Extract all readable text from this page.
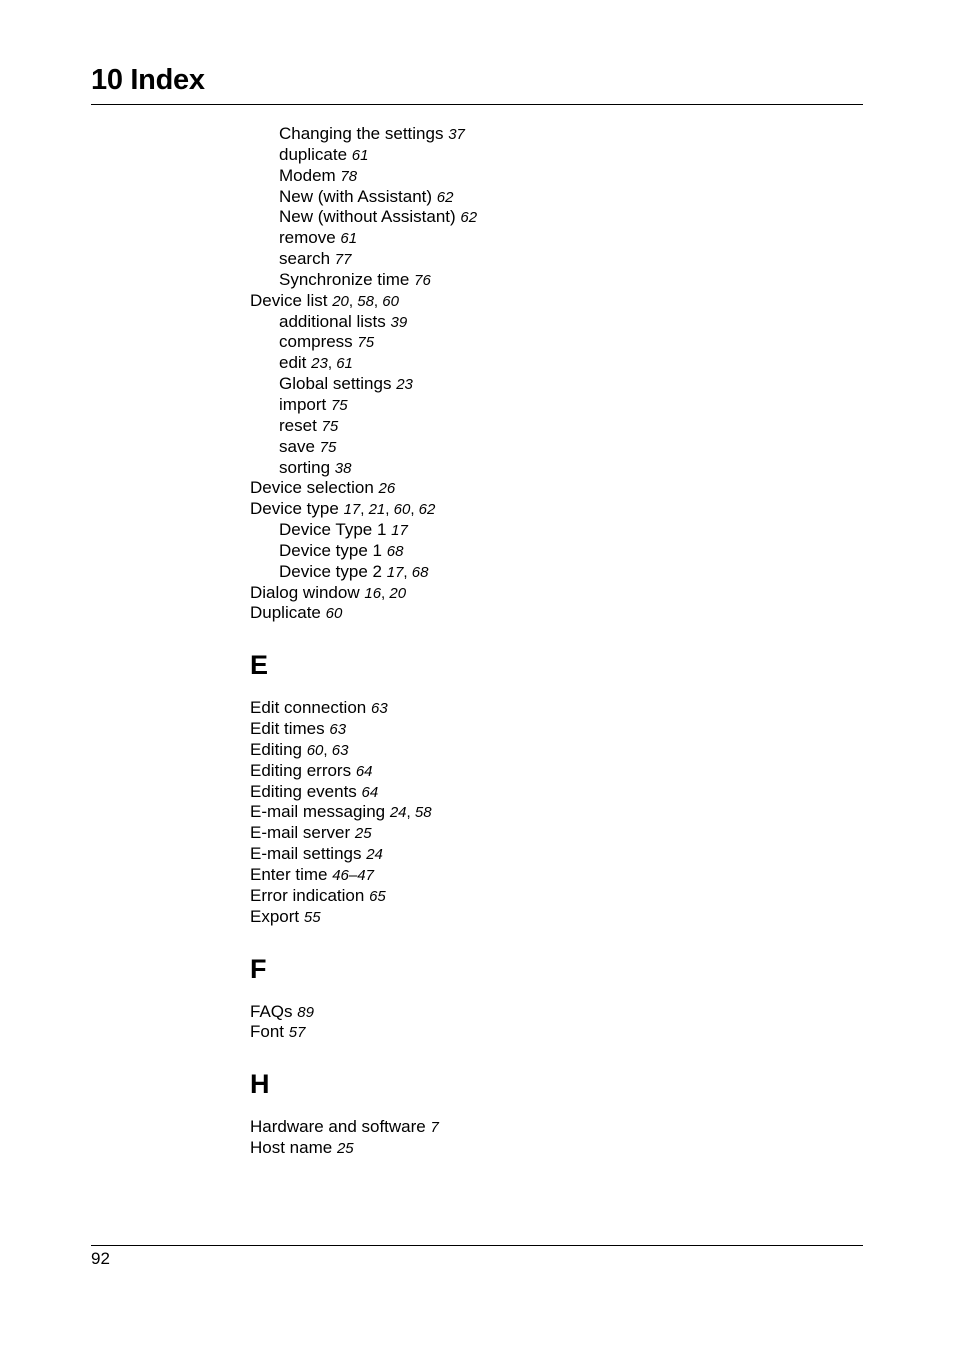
10 Index
Changing the settings 37
duplicate 61
Modem 78
New (with Assistant) 62
New (without Assistant) 62
remove 61
search 77
Synchronize time 76
Device list 20, 58, 60
additional lists 39
compress 75
edit 23, 61
Global settings 23
import 75
reset 75
save 75
sorting 38
Device selection 26
Device type 17, 21, 60, 62
Device Type 1 17
Device type 1 68
Device type 2 17, 68
Dialog window 16, 20
Duplicate 60
E
Edit connection 63
Edit times 63
Editing 60, 63
Editing errors 64
Editing events 64
E-mail messaging 24, 58
E-mail server 25
E-mail settings 24
Enter time 46–47
Error indication 65
Export 55
F
FAQs 89
Font 57
H
Hardware and software 7
Host name 25
92
